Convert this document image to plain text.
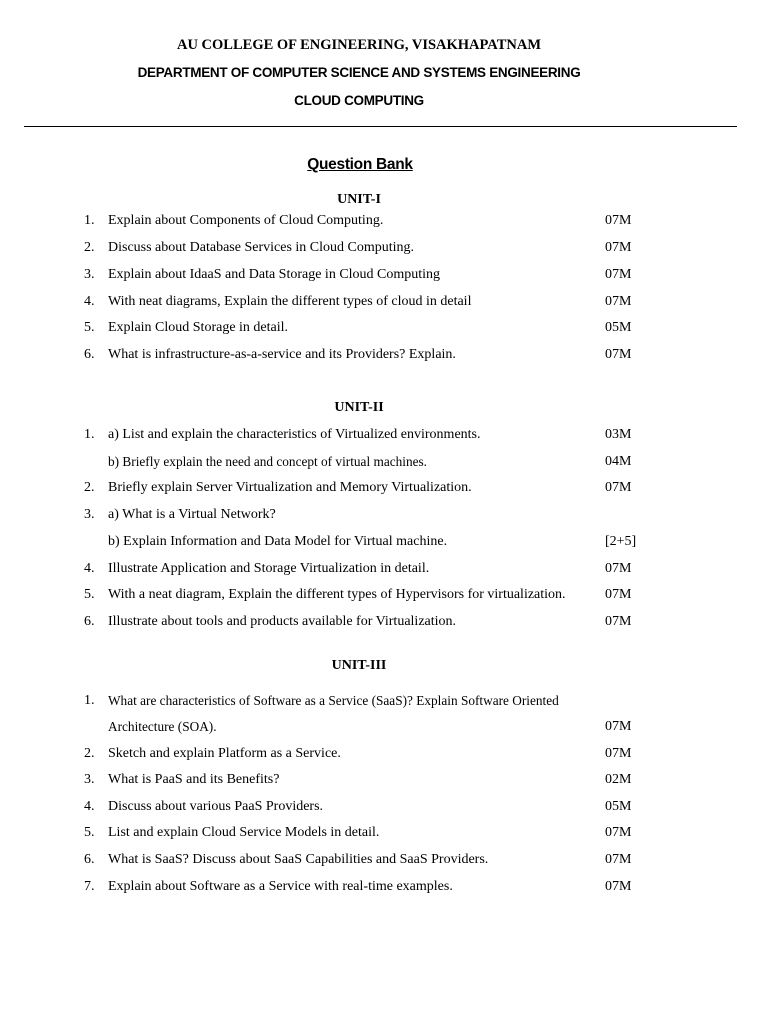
AU COLLEGE OF ENGINEERING, VISAKHAPATNAM
DEPARTMENT OF COMPUTER SCIENCE AND SYSTEMS ENGINEERING
CLOUD COMPUTING
Question Bank
UNIT-I
1. Explain about Components of Cloud Computing.	07M
2. Discuss about Database Services in Cloud Computing.	07M
3. Explain about IdaaS and Data Storage in Cloud Computing	07M
4. With neat diagrams, Explain the different types of cloud in detail	07M
5. Explain Cloud Storage in detail.	05M
6. What is infrastructure-as-a-service and its Providers? Explain.	07M
UNIT-II
1. a) List and explain the characteristics of Virtualized environments.	03M
b) Briefly explain the need and concept of virtual machines.	04M
2. Briefly explain Server Virtualization and Memory Virtualization.	07M
3. a) What is a Virtual Network?
b) Explain Information and Data Model for Virtual machine.	[2+5]
4. Illustrate Application and Storage Virtualization in detail.	07M
5. With a neat diagram, Explain the different types of Hypervisors for virtualization.	07M
6. Illustrate about tools and products available for Virtualization.	07M
UNIT-III
1.	What are characteristics of Software as a Service (SaaS)? Explain Software Oriented
Architecture (SOA).	07M
2. Sketch and explain Platform as a Service.	07M
3. What is PaaS and its Benefits?	02M
4. Discuss about various PaaS Providers.	05M
5. List and explain Cloud Service Models in detail.	07M
6. What is SaaS? Discuss about SaaS Capabilities and SaaS Providers.	07M
7. Explain about Software as a Service with real-time examples.	07M
